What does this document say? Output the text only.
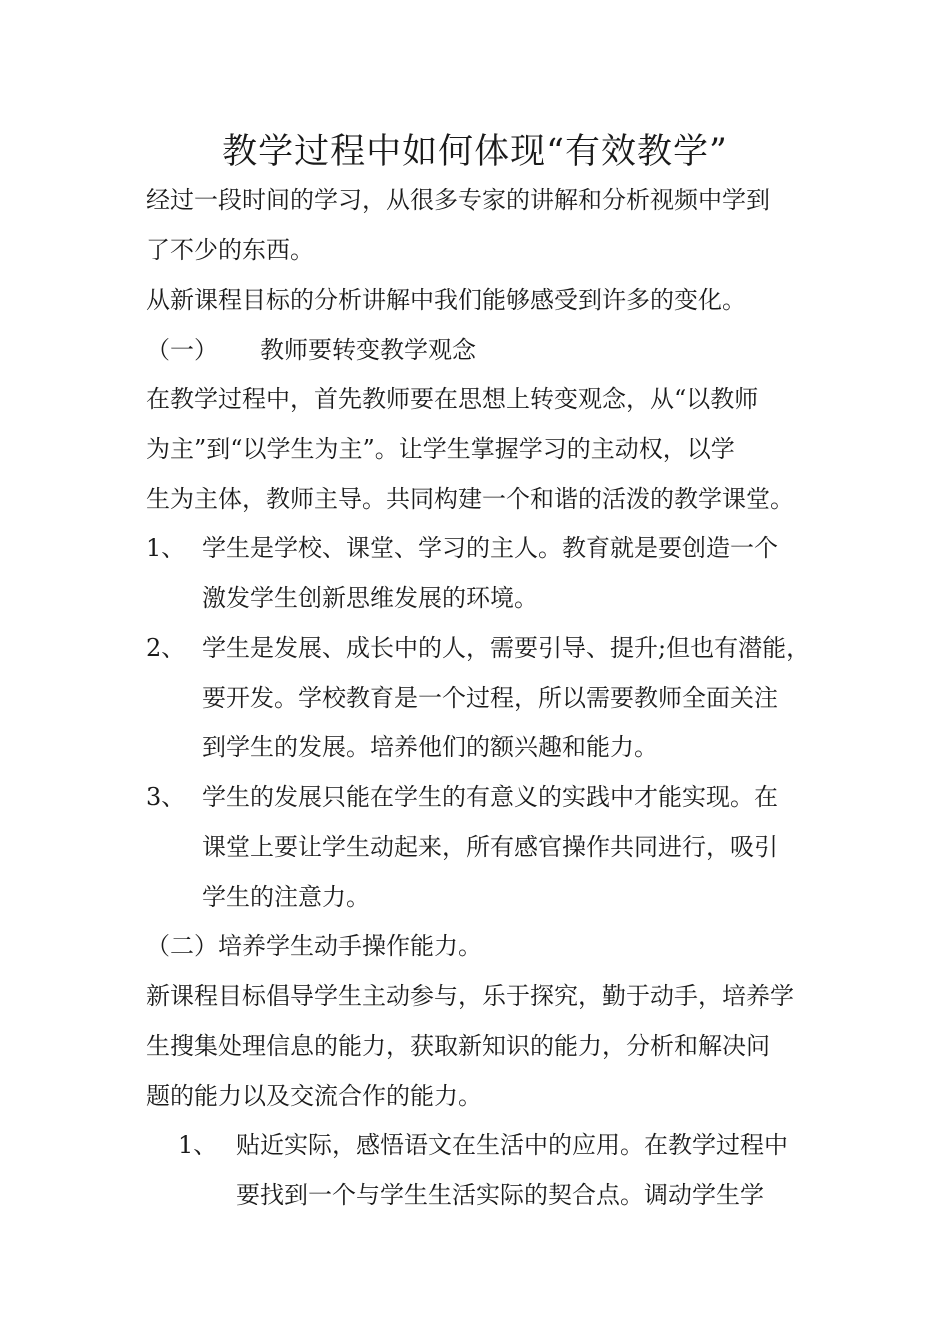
教学过程中如何体现“有效教学”
经过一段时间的学习，从很多专家的讲解和分析视频中学到
了不少的东西。
从新课程目标的分析讲解中我们能够感受到许多的变化。
（一） 教师要转变教学观念
在教学过程中，首先教师要在思想上转变观念，从“以教师
为主”到“以学生为主”。让学生掌握学习的主动权，以学
生为主体，教师主导。共同构建一个和谐的活泼的教学课堂。
1、 学生是学校、课堂、学习的主人。教育就是要创造一个
激发学生创新思维发展的环境。
2、 学生是发展、成长中的人，需要引导、提升;但也有潜能，
要开发。学校教育是一个过程，所以需要教师全面关注
到学生的发展。培养他们的额兴趣和能力。
3、 学生的发展只能在学生的有意义的实践中才能实现。在
课堂上要让学生动起来，所有感官操作共同进行，吸引
学生的注意力。
（二）培养学生动手操作能力。
新课程目标倡导学生主动参与，乐于探究，勤于动手，培养学
生搜集处理信息的能力，获取新知识的能力，分析和解决问
题的能力以及交流合作的能力。
1、 贴近实际，感悟语文在生活中的应用。在教学过程中
要找到一个与学生生活实际的契合点。调动学生学
